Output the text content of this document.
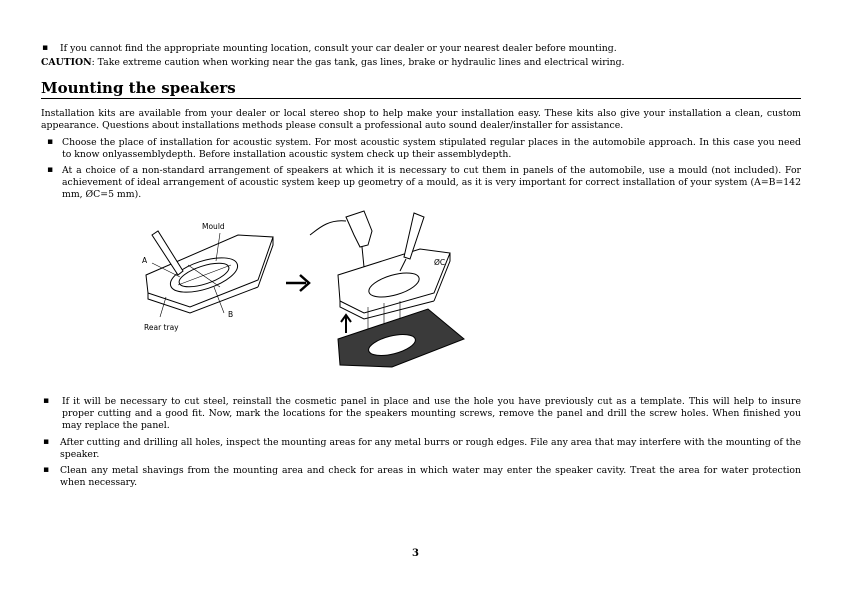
▪ If you cannot find the appropriate mounting location, consult your car dealer or your nearest dealer before mounting.
CAUTION: Take extreme caution when working near the gas tank, gas lines, brake or hydraulic lines and electrical wiring.
Mounting the speakers
Installation kits are available from your dealer or local stereo shop to help make your installation easy. These kits also give your installation a clean, custom appearance. Questions about installations methods please consult a professional auto sound dealer/installer for assistance.
▪ Choose the place of installation for acoustic system. For most acoustic system stipulated regular places in the automobile approach. In this case you need to know onlyassemblydepth. Before installation acoustic system check up their assemblydepth.
▪ At a choice of a non-standard arrangement of speakers at which it is necessary to cut them in panels of the automobile, use a mould (not included). For achievement of ideal arrangement of acoustic system keep up geometry of a mould, as it is very important for correct installation of your system (A=B=142 mm, ØC=5 mm).
Mould
A
B
Rear tray
ØC
▪ If it will be necessary to cut steel, reinstall the cosmetic panel in place and use the hole you have previously cut as a template. This will help to insure proper cutting and a good fit. Now, mark the locations for the speakers mounting screws, remove the panel and drill the screw holes. When finished you may replace the panel.
▪ After cutting and drilling all holes, inspect the mounting areas for any metal burrs or rough edges. File any area that may interfere with the mounting of the speaker.
▪ Clean any metal shavings from the mounting area and check for areas in which water may enter the speaker cavity. Treat the area for water protection when necessary.
3
